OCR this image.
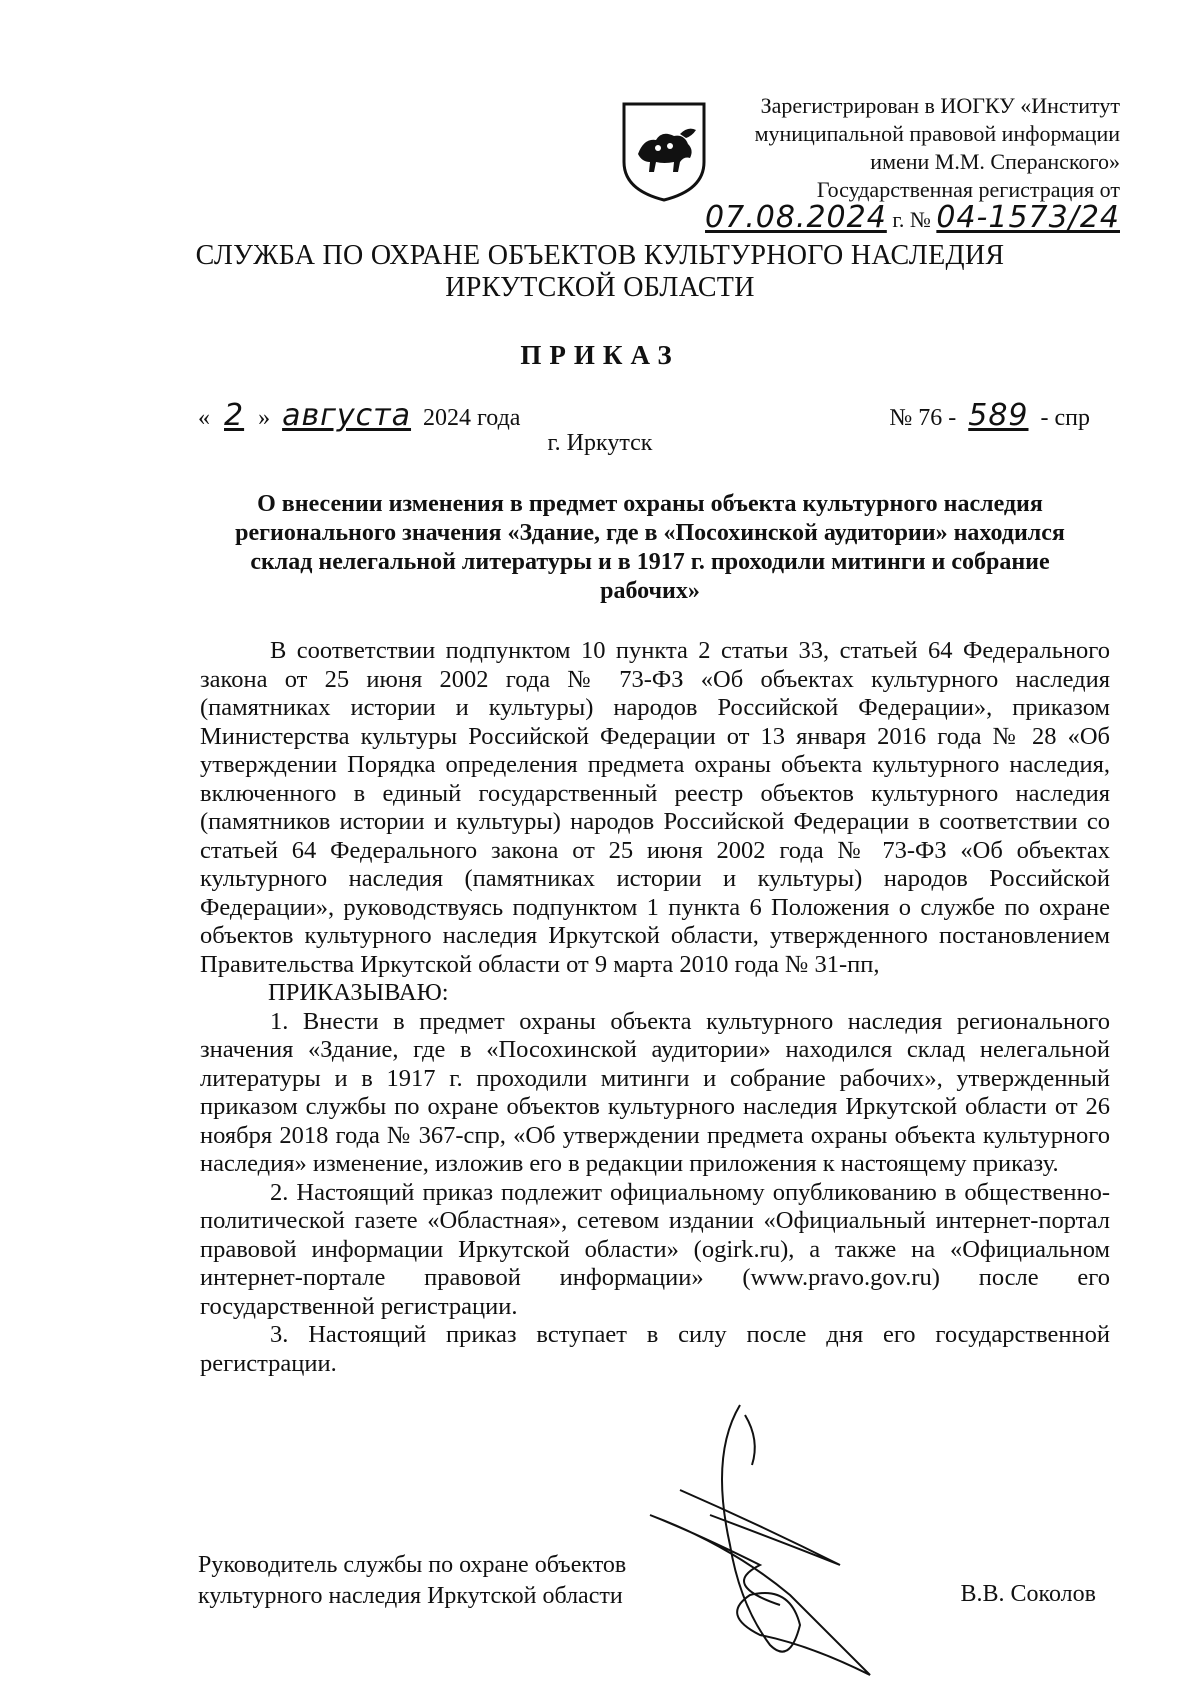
Зарегистрирован в ИОГКУ «Институт
муниципальной правовой информации
имени М.М. Сперанского»
Государственная регистрация от
07.08.2024 г. № 04-1573/24
СЛУЖБА ПО ОХРАНЕ ОБЪЕКТОВ КУЛЬТУРНОГО НАСЛЕДИЯ
ИРКУТСКОЙ ОБЛАСТИ
ПРИКАЗ
« 2 » августа 2024 года	№ 76 - 589 - спр
г. Иркутск
О внесении изменения в предмет охраны объекта культурного наследия регионального значения «Здание, где в «Посохинской аудитории» находился склад нелегальной литературы и в 1917 г. проходили митинги и собрание рабочих»

В соответствии подпунктом 10 пункта 2 статьи 33, статьей 64 Федерального закона от 25 июня 2002 года № 73-ФЗ «Об объектах культурного наследия (памятниках истории и культуры) народов Российской Федерации», приказом Министерства культуры Российской Федерации от 13 января 2016 года № 28 «Об утверждении Порядка определения предмета охраны объекта культурного наследия, включенного в единый государственный реестр объектов культурного наследия (памятников истории и культуры) народов Российской Федерации в соответствии со статьей 64 Федерального закона от 25 июня 2002 года № 73-ФЗ «Об объектах культурного наследия (памятниках истории и культуры) народов Российской Федерации», руководствуясь подпунктом 1 пункта 6 Положения о службе по охране объектов культурного наследия Иркутской области, утвержденного постановлением Правительства Иркутской области от 9 марта 2010 года № 31-пп,

ПРИКАЗЫВАЮ:

1. Внести в предмет охраны объекта культурного наследия регионального значения «Здание, где в «Посохинской аудитории» находился склад нелегальной литературы и в 1917 г. проходили митинги и собрание рабочих», утвержденный приказом службы по охране объектов культурного наследия Иркутской области от 26 ноября 2018 года № 367-спр, «Об утверждении предмета охраны объекта культурного наследия» изменение, изложив его в редакции приложения к настоящему приказу.

2. Настоящий приказ подлежит официальному опубликованию в общественно-политической газете «Областная», сетевом издании «Официальный интернет-портал правовой информации Иркутской области» (ogirk.ru), а также на «Официальном интернет-портале правовой информации» (www.pravo.gov.ru) после его государственной регистрации.

3. Настоящий приказ вступает в силу после дня его государственной регистрации.

Руководитель службы по охране объектов
культурного наследия Иркутской области	В.В. Соколов
